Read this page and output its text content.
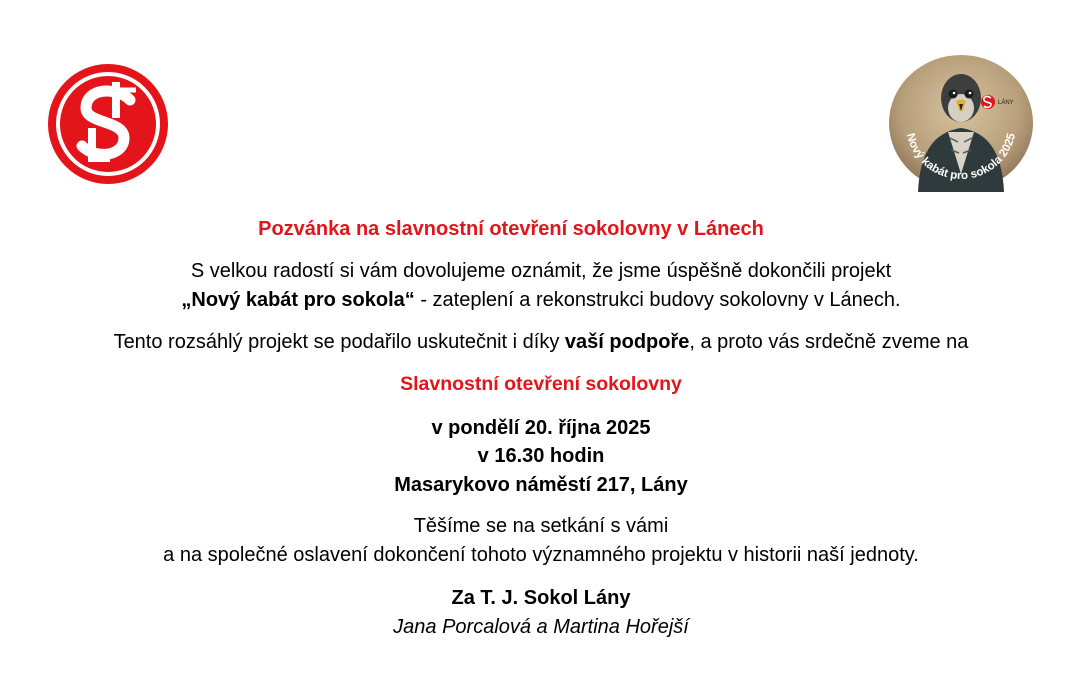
LÁNY
Nový kabát pro sokola 2025
Pozvánka na slavnostní otevření sokolovny v Lánech
S velkou radostí si vám dovolujeme oznámit, že jsme úspěšně dokončili projekt
„Nový kabát pro sokola“ - zateplení a rekonstrukci budovy sokolovny v Lánech.
Tento rozsáhlý projekt se podařilo uskutečnit i díky vaší podpoře, a proto vás srdečně zveme na
Slavnostní otevření sokolovny
v pondělí 20. října 2025
v 16.30 hodin
Masarykovo náměstí 217, Lány
Těšíme se na setkání s vámi
a na společné oslavení dokončení tohoto významného projektu v historii naší jednoty.
Za T. J. Sokol Lány
Jana Porcalová a Martina Hořejší
